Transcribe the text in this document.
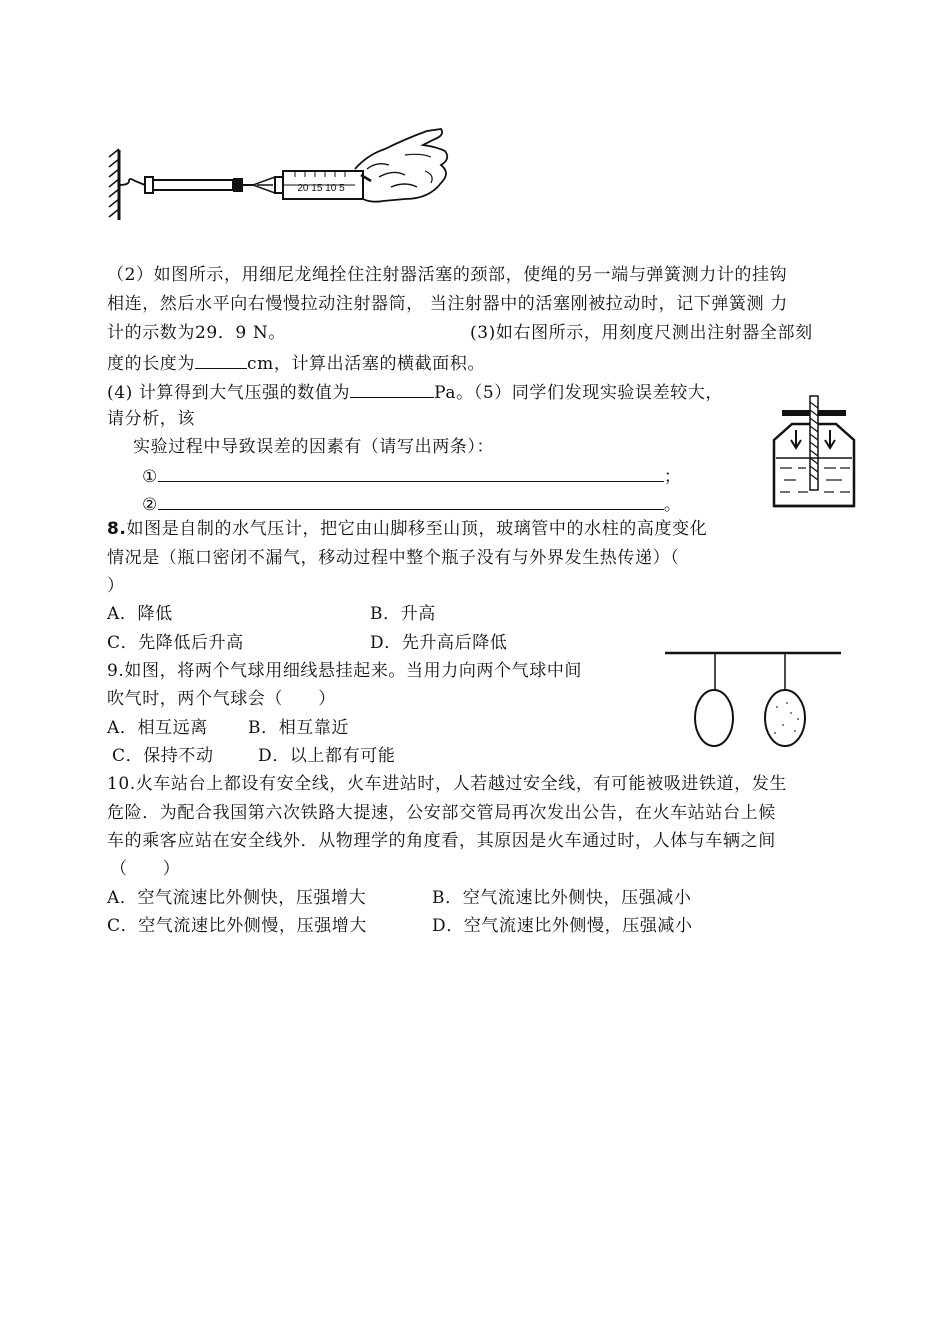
20 15 10 5
（2）如图所示，用细尼龙绳拴住注射器活塞的颈部，使绳的另一端与弹簧测力计的挂钩
相连，然后水平向右慢慢拉动注射器筒， 当注射器中的活塞刚被拉动时，记下弹簧测 力
计的示数为29．9 N。	(3)如右图所示，用刻度尺测出注射器全部刻
度的长度为	cm，计算出活塞的横截面积。
(4) 计算得到大气压强的数值为	Pa。（5）同学们发现实验误差较大，
请分析，该
实验过程中导致误差的因素有（请写出两条）：
①	；
②	。
8.如图是自制的水气压计，把它由山脚移至山顶，玻璃管中的水柱的高度变化
情况是（瓶口密闭不漏气，移动过程中整个瓶子没有与外界发生热传递）（
）
A．降低	B．升高
C．先降低后升高	D．先升高后降低
9.如图，将两个气球用细线悬挂起来。当用力向两个气球中间
吹气时，两个气球会（　　）
A．相互远离 B．相互靠近
C．保持不动	D．以上都有可能
10.火车站台上都设有安全线，火车进站时，人若越过安全线，有可能被吸进铁道，发生
危险．为配合我国第六次铁路大提速，公安部交管局再次发出公告，在火车站站台上候
车的乘客应站在安全线外．从物理学的角度看，其原因是火车通过时，人体与车辆之间
（　　）
A．空气流速比外侧快，压强增大	B．空气流速比外侧快，压强减小
C．空气流速比外侧慢，压强增大	D．空气流速比外侧慢，压强减小
